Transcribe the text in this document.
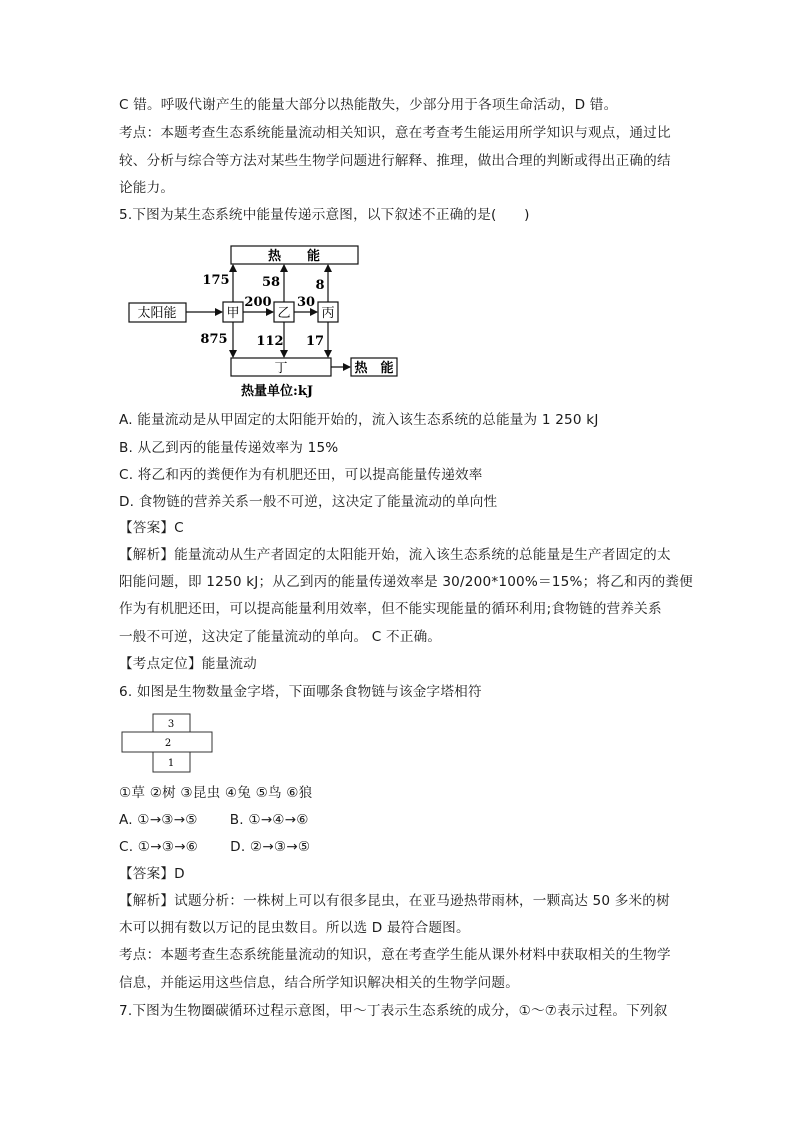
C 错。呼吸代谢产生的能量大部分以热能散失，少部分用于各项生命活动，D 错。
考点：本题考查生态系统能量流动相关知识，意在考查考生能运用所学知识与观点，通过比
较、分析与综合等方法对某些生物学问题进行解释、推理，做出合理的判断或得出正确的结
论能力。
5.下图为某生态系统中能量传递示意图，以下叙述不正确的是(　　)
热　　能
太阳能	甲	乙 丙
丁	热　能
175 58	8
200 30
875 112 17
热量单位:kJ
A. 能量流动是从甲固定的太阳能开始的，流入该生态系统的总能量为 1 250 kJ
B. 从乙到丙的能量传递效率为 15%
C. 将乙和丙的粪便作为有机肥还田，可以提高能量传递效率
D. 食物链的营养关系一般不可逆，这决定了能量流动的单向性
【答案】C
【解析】能量流动从生产者固定的太阳能开始，流入该生态系统的总能量是生产者固定的太
阳能问题，即 1250 kJ；从乙到丙的能量传递效率是 30/200*100%＝15%；将乙和丙的粪便
作为有机肥还田，可以提高能量利用效率，但不能实现能量的循环利用;食物链的营养关系
一般不可逆，这决定了能量流动的单向。 C 不正确。
【考点定位】能量流动
6. 如图是生物数量金字塔，下面哪条食物链与该金字塔相符
3
2
1
①草 ②树 ③昆虫 ④兔 ⑤鸟 ⑥狼
A. ①→③→⑤　　 B. ①→④→⑥
C. ①→③→⑥　　 D. ②→③→⑤
【答案】D
【解析】试题分析：一株树上可以有很多昆虫，在亚马逊热带雨林，一颗高达 50 多米的树
木可以拥有数以万记的昆虫数目。所以选 D 最符合题图。
考点：本题考查生态系统能量流动的知识，意在考查学生能从课外材料中获取相关的生物学
信息，并能运用这些信息，结合所学知识解决相关的生物学问题。
7.下图为生物圈碳循环过程示意图，甲～丁表示生态系统的成分，①～⑦表示过程。下列叙
